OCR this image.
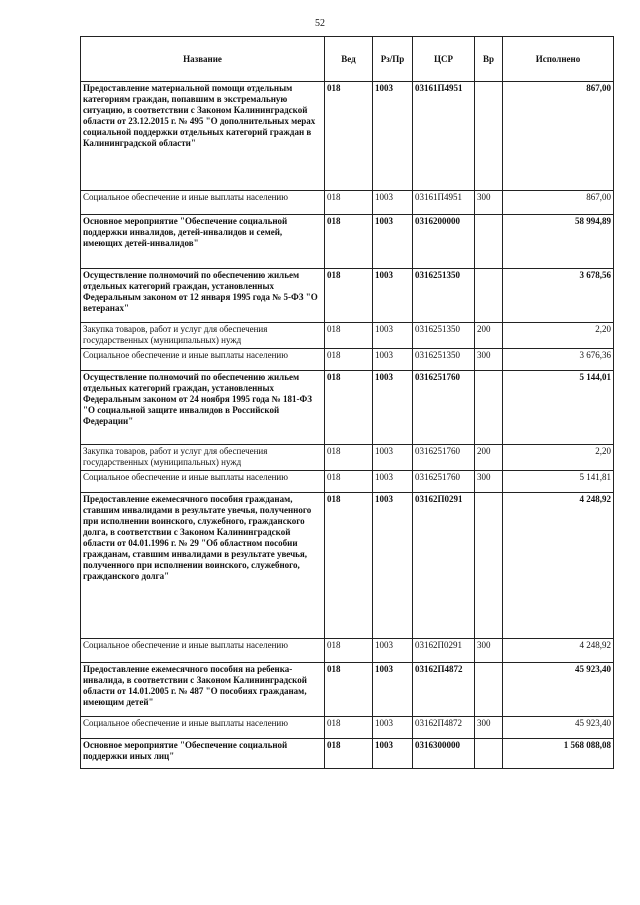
52
Название	Вед	Рз/Пр	ЦСР	Вр	Исполнено
Предоставление материальной помощи отдельным категориям граждан, попавшим в экстремальную ситуацию, в соответствии с Законом Калининградской области от 23.12.2015 г. № 495 "О дополнительных мерах социальной поддержки отдельных категорий граждан в Калининградской области"	018	1003	03161П4951		867,00
Социальное обеспечение и иные выплаты населению	018	1003	03161П4951	300	867,00
Основное мероприятие "Обеспечение социальной поддержки инвалидов, детей-инвалидов и семей, имеющих детей-инвалидов"	018	1003	0316200000		58 994,89
Осуществление полномочий по обеспечению жильем отдельных категорий граждан, установленных Федеральным законом от 12 января 1995 года № 5-ФЗ "О ветеранах"	018	1003	0316251350		3 678,56
Закупка товаров, работ и услуг для обеспечения государственных (муниципальных) нужд	018	1003	0316251350	200	2,20
Социальное обеспечение и иные выплаты населению	018	1003	0316251350	300	3 676,36
Осуществление полномочий по обеспечению жильем отдельных категорий граждан, установленных Федеральным законом от 24 ноября 1995 года № 181-ФЗ "О социальной защите инвалидов в Российской Федерации"	018	1003	0316251760		5 144,01
Закупка товаров, работ и услуг для обеспечения государственных (муниципальных) нужд	018	1003	0316251760	200	2,20
Социальное обеспечение и иные выплаты населению	018	1003	0316251760	300	5 141,81
Предоставление ежемесячного пособия гражданам, ставшим инвалидами в результате увечья, полученного при исполнении воинского, служебного, гражданского долга, в соответствии с Законом Калининградской области от 04.01.1996 г. № 29 "Об областном пособии гражданам, ставшим инвалидами в результате увечья, полученного при исполнении воинского, служебного, гражданского долга"	018	1003	03162П0291		4 248,92
Социальное обеспечение и иные выплаты населению	018	1003	03162П0291	300	4 248,92
Предоставление ежемесячного пособия на ребенка-инвалида, в соответствии с Законом Калининградской области от 14.01.2005 г. № 487 "О пособиях гражданам, имеющим детей"	018	1003	03162П4872		45 923,40
Социальное обеспечение и иные выплаты населению	018	1003	03162П4872	300	45 923,40
Основное мероприятие "Обеспечение социальной поддержки иных лиц"	018	1003	0316300000		1 568 088,08
